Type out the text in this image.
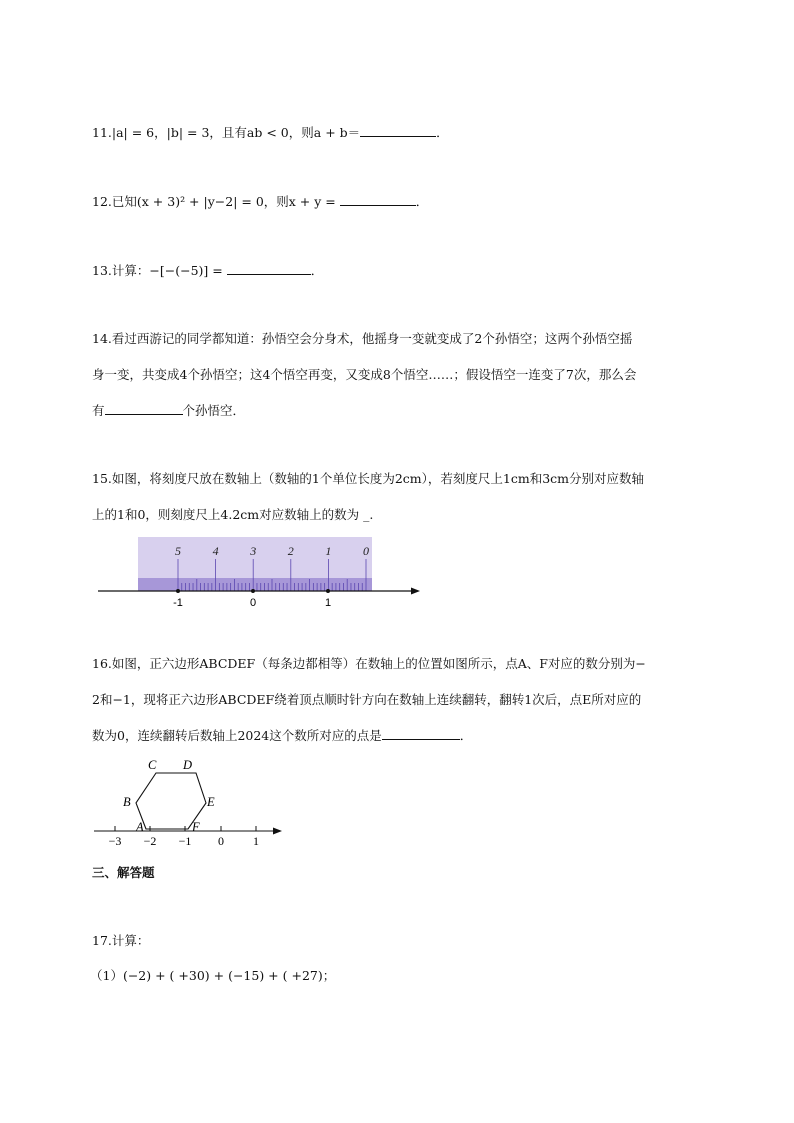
11.|a| = 6，|b| = 3，且有ab < 0，则a + b＝	．
12.已知(x + 3)² + |y−2| = 0，则x + y =	．
13.计算：−[−(−5)] =	．
14.看过西游记的同学都知道：孙悟空会分身术，他摇身一变就变成了2个孙悟空；这两个孙悟空摇
身一变，共变成4个孙悟空；这4个悟空再变，又变成8个悟空……；假设悟空一连变了7次，那么会
有	个孙悟空．
15.如图，将刻度尺放在数轴上（数轴的1个单位长度为2cm），若刻度尺上1cm和3cm分别对应数轴
上的1和0，则刻度尺上4.2cm对应数轴上的数为 _.
5	4	3	2	1	0
-1	0	1
16.如图，正六边形ABCDEF（每条边都相等）在数轴上的位置如图所示，点A、F对应的数分别为−
2和−1，现将正六边形ABCDEF绕着顶点顺时针方向在数轴上连续翻转，翻转1次后，点E所对应的
数为0，连续翻转后数轴上2024这个数所对应的点是	．
C D
B	E
A	F
−3 −2 −1 0 1
三、解答题
17.计算：
（1）(−2) + ( +30) + (−15) + ( +27)；
